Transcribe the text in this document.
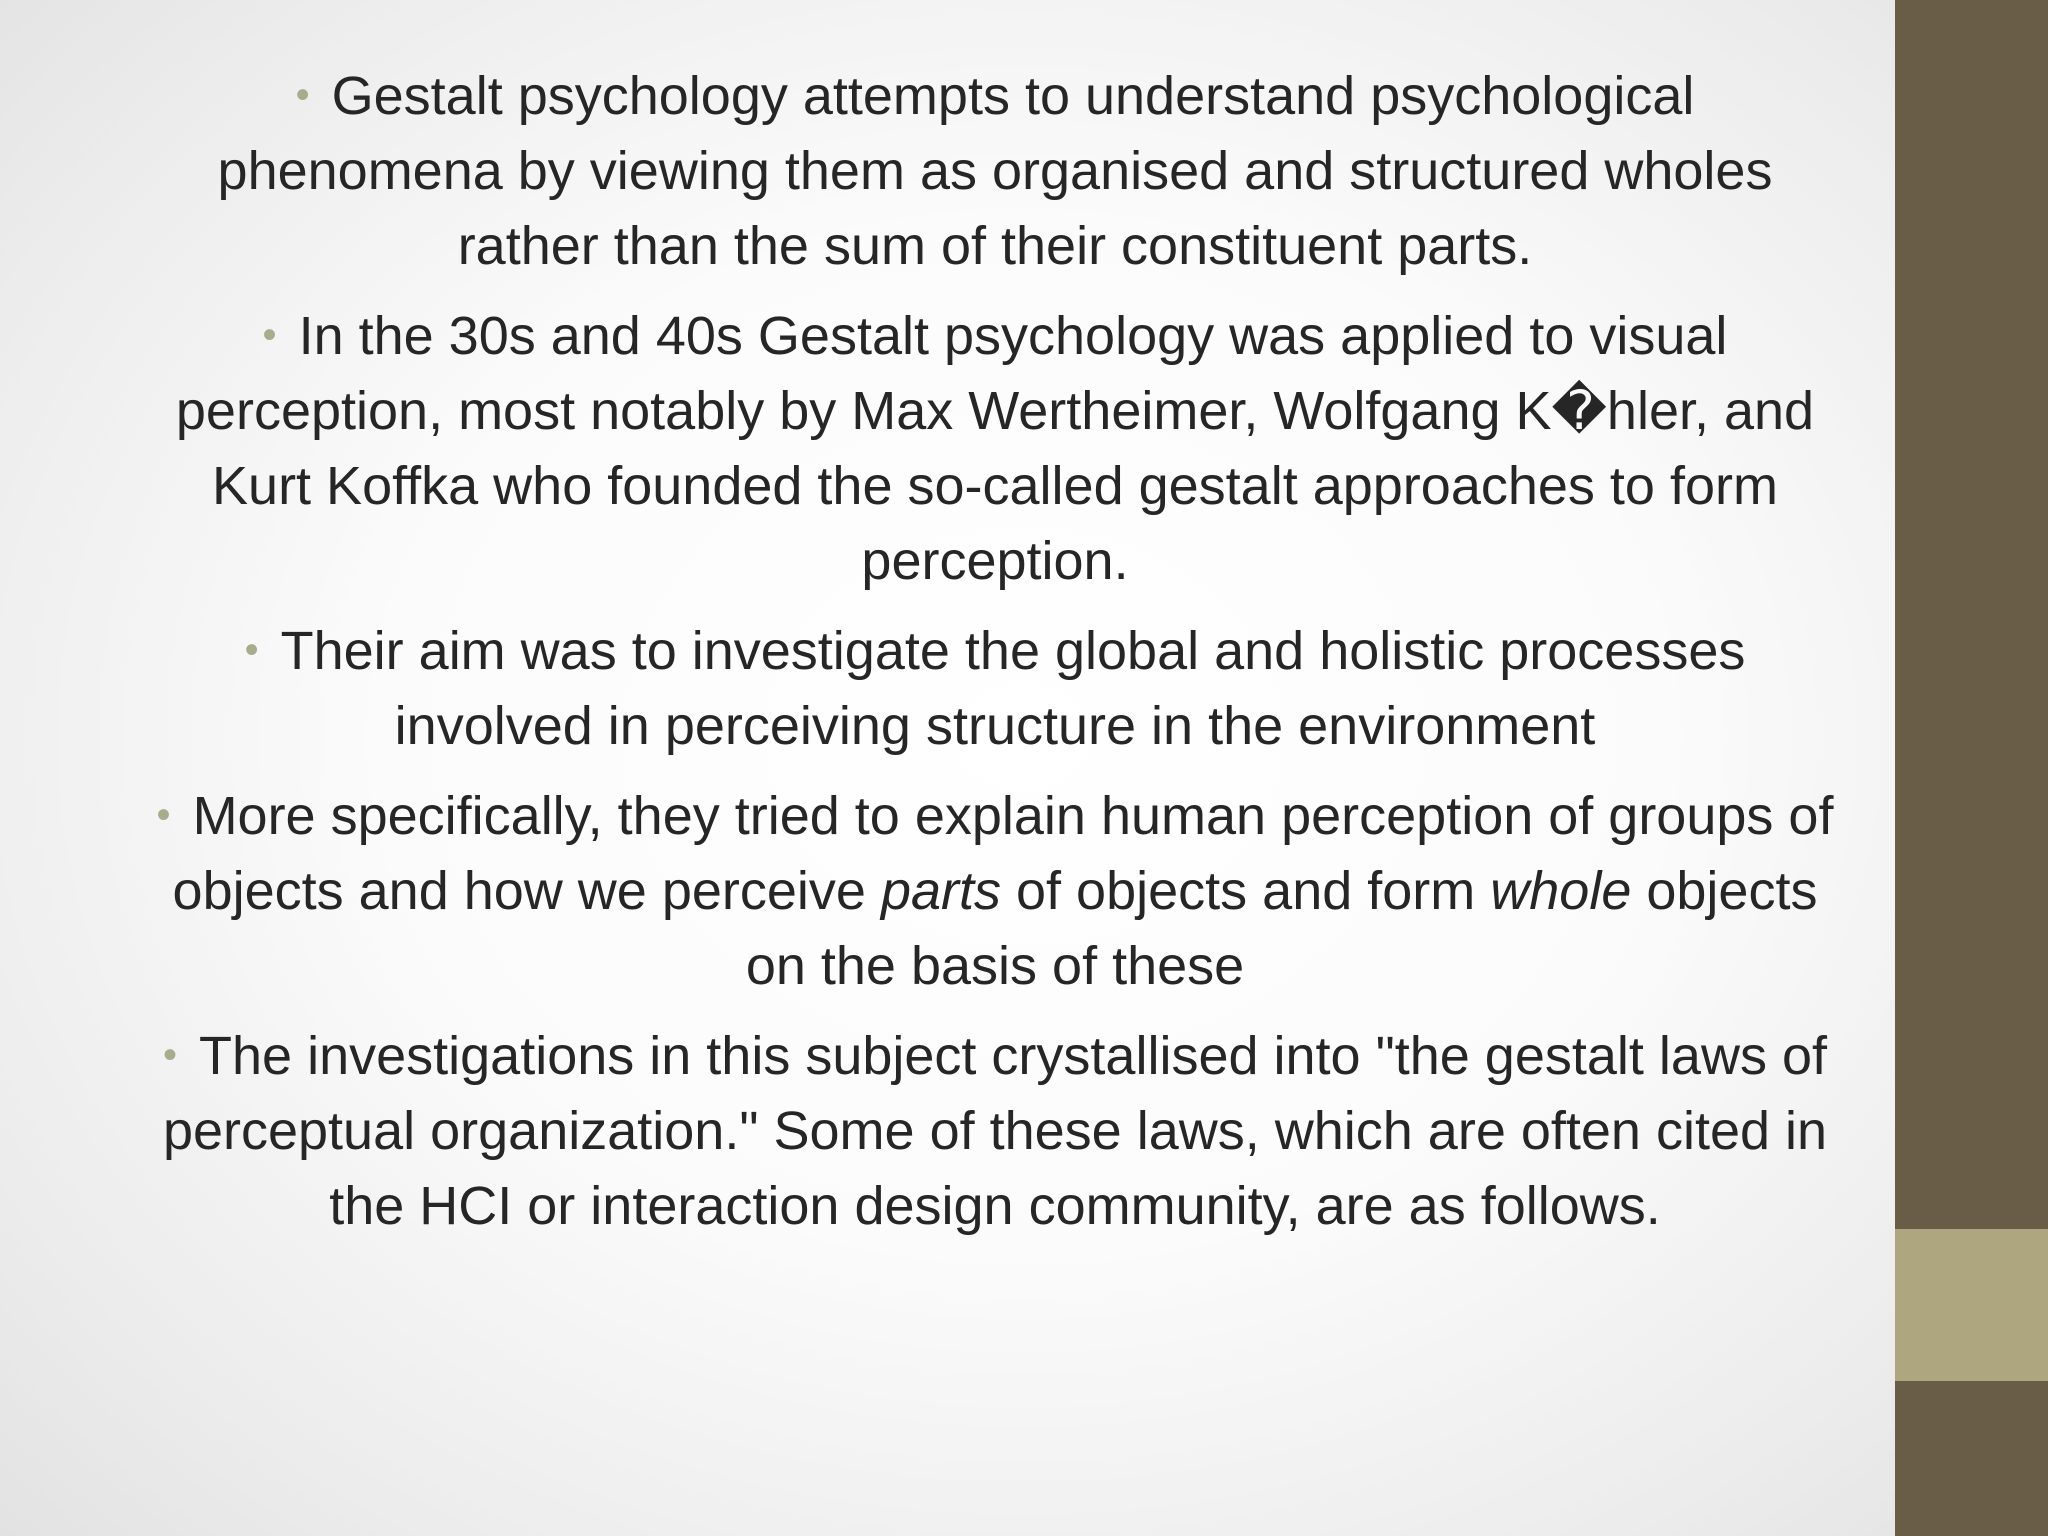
• Gestalt psychology attempts to understand psychological phenomena by viewing them as organised and structured wholes rather than the sum of their constituent parts.
• In the 30s and 40s Gestalt psychology was applied to visual perception, most notably by Max Wertheimer, Wolfgang K�hler, and Kurt Koffka who founded the so-called gestalt approaches to form perception.
• Their aim was to investigate the global and holistic processes involved in perceiving structure in the environment
• More specifically, they tried to explain human perception of groups of objects and how we perceive parts of objects and form whole objects on the basis of these
• The investigations in this subject crystallised into "the gestalt laws of perceptual organization." Some of these laws, which are often cited in the HCI or interaction design community, are as follows.
